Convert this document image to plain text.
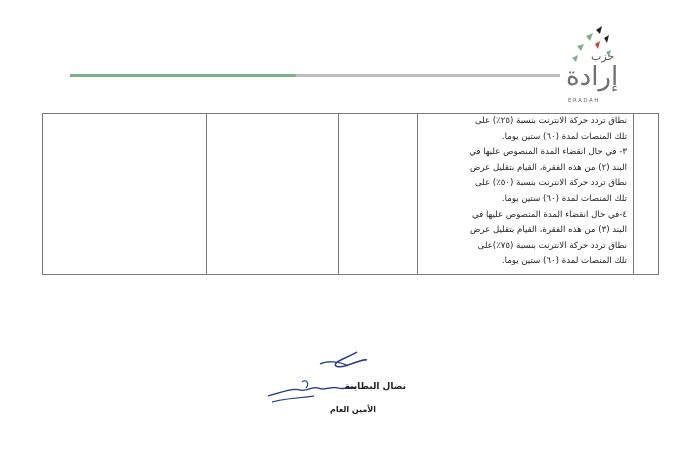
حزب
إرادة
ERADAH

نطاق تردد حركة الانترنت بنسبة (٢٥٪) على

تلك المنصات لمدة (٦٠) ستين يوما.

٣- في حال انقضاء المدة المنصوص عليها في

البند (٢) من هذه الفقرة، القيام بتقليل عرض

نطاق تردد حركة الانترنت بنسبة (٥٠٪) على

تلك المنصات لمدة (٦٠) ستين يوما.

٤-في حال انقضاء المدة المنصوص عليها في

البند (٣) من هذه الفقرة، القيام بتقليل عرض

نطاق تردد حركة الانترنت بنسبة (٧٥٪)على

تلك المنصات لمدة (٦٠) ستين يوما.

نضال البطاينة
الأمين العام
